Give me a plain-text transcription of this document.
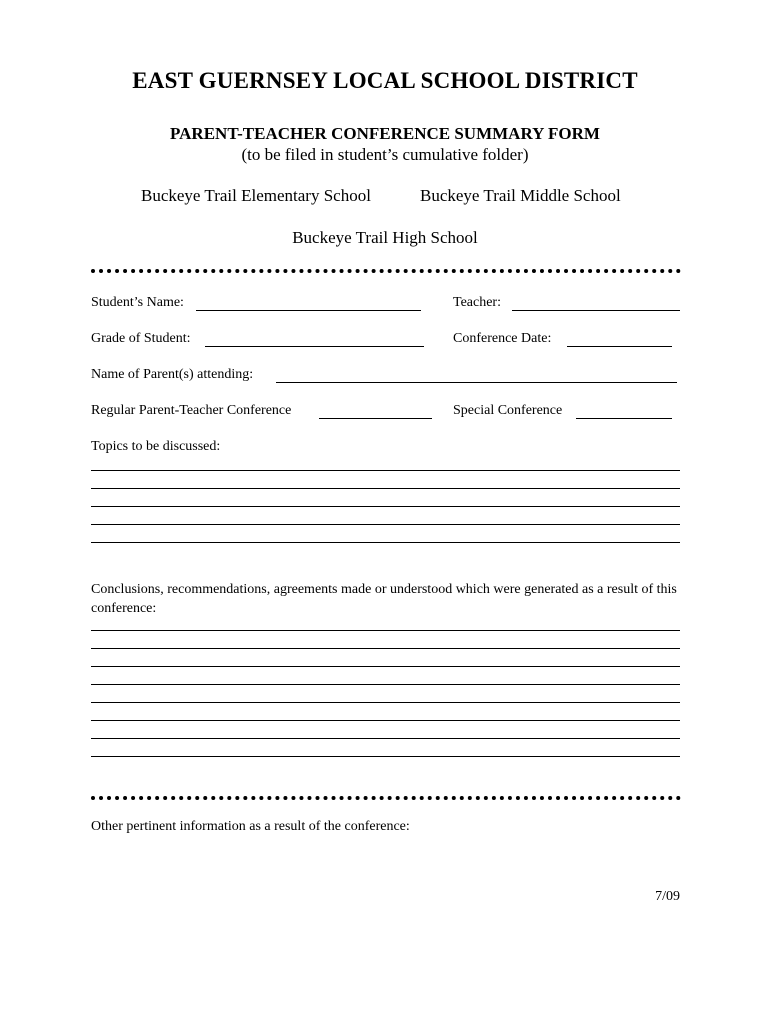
EAST GUERNSEY LOCAL SCHOOL DISTRICT
PARENT-TEACHER CONFERENCE SUMMARY FORM
(to be filed in student’s cumulative folder)
Buckeye Trail Elementary School	Buckeye Trail Middle School
Buckeye Trail High School
Student’s Name:	Teacher:
Grade of Student:	Conference Date:
Name of Parent(s) attending:
Regular Parent-Teacher Conference	Special Conference
Topics to be discussed:
Conclusions, recommendations, agreements made or understood which were generated as a result of this conference:
Other pertinent information as a result of the conference:
7/09
